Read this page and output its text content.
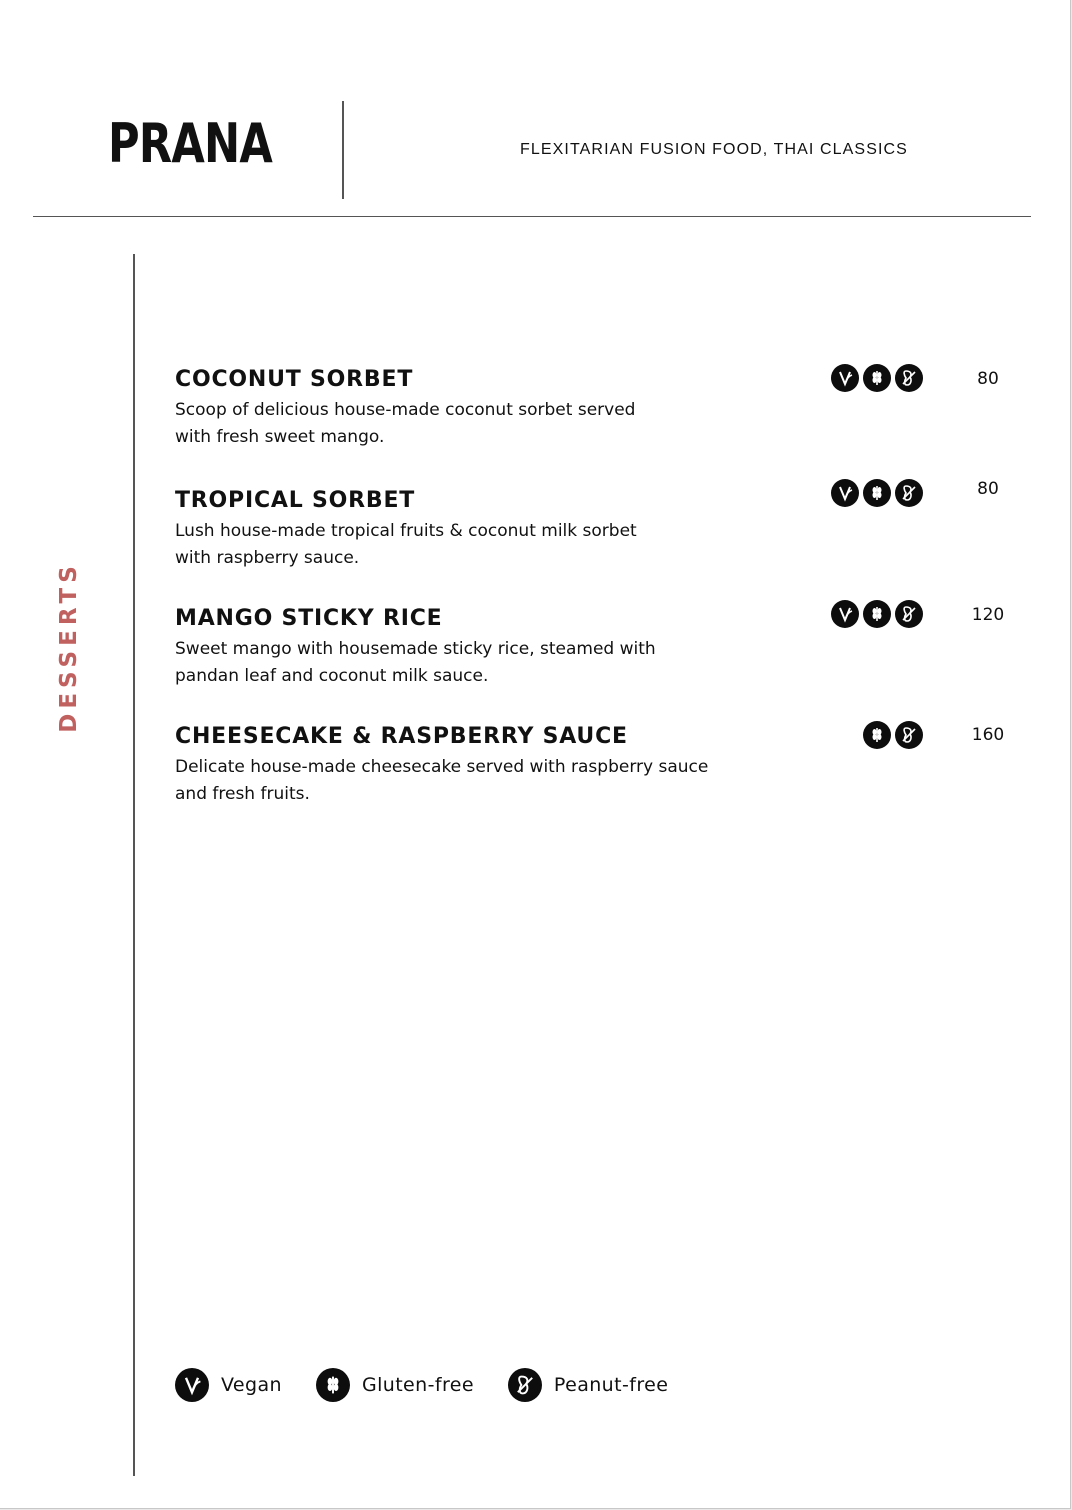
PRANA	FLEXITARIAN FUSION FOOD, THAI CLASSICS
DESSERTS
COCONUT SORBET
Scoop of delicious house-made coconut sorbet served
with fresh sweet mango.
80
TROPICAL SORBET
Lush house-made tropical fruits & coconut milk sorbet
with raspberry sauce.
80
MANGO STICKY RICE
Sweet mango with housemade sticky rice, steamed with
pandan leaf and coconut milk sauce.
120
CHEESECAKE & RASPBERRY SAUCE
Delicate house-made cheesecake served with raspberry sauce
and fresh fruits.
160
Vegan	Gluten-free	Peanut-free
